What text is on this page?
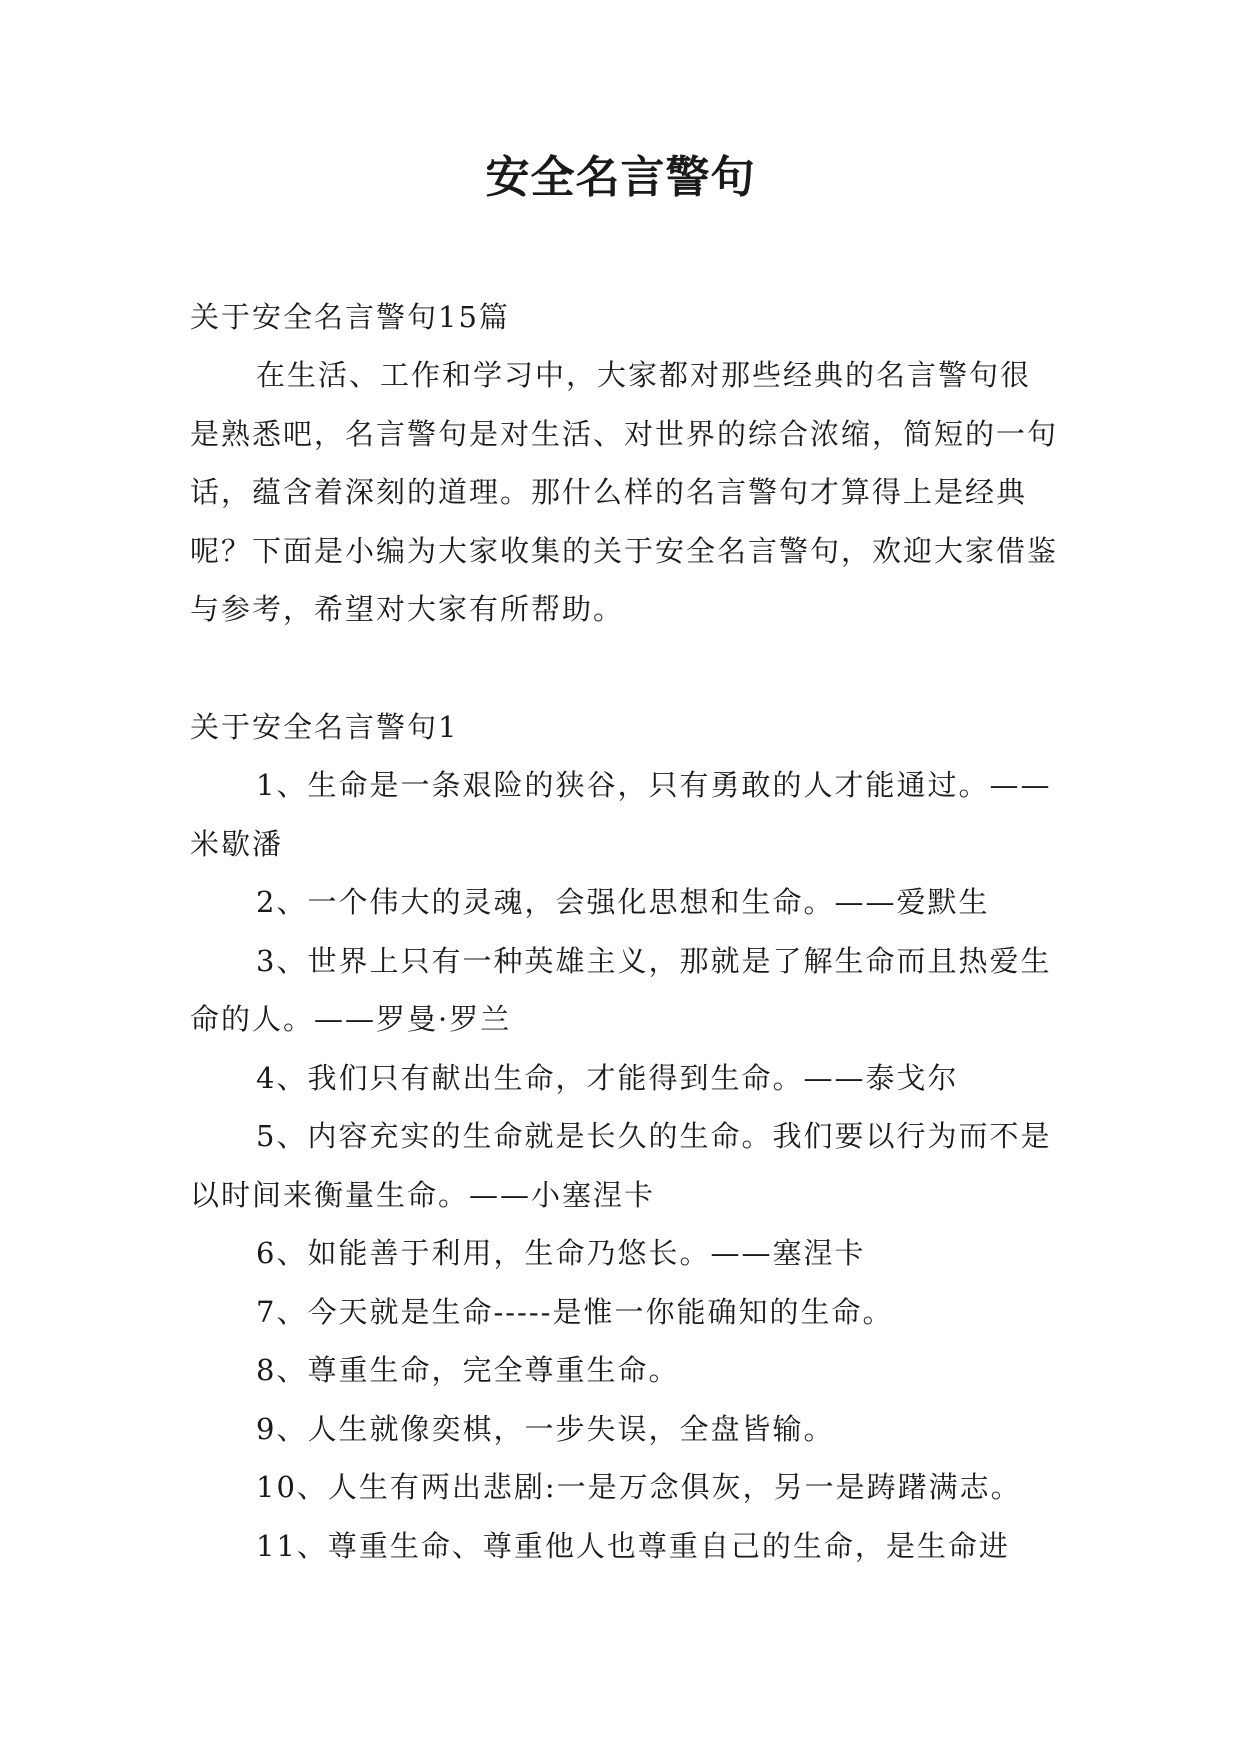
安全名言警句

关于安全名言警句15篇

在生活、工作和学习中，大家都对那些经典的名言警句很是熟悉吧，名言警句是对生活、对世界的综合浓缩，简短的一句话，蕴含着深刻的道理。那什么样的名言警句才算得上是经典呢？下面是小编为大家收集的关于安全名言警句，欢迎大家借鉴与参考，希望对大家有所帮助。

关于安全名言警句1

1、生命是一条艰险的狭谷，只有勇敢的人才能通过。——米歇潘

2、一个伟大的灵魂，会强化思想和生命。——爱默生

3、世界上只有一种英雄主义，那就是了解生命而且热爱生命的人。——罗曼·罗兰

4、我们只有献出生命，才能得到生命。——泰戈尔

5、内容充实的生命就是长久的生命。我们要以行为而不是以时间来衡量生命。——小塞涅卡

6、如能善于利用，生命乃悠长。——塞涅卡

7、今天就是生命-----是惟一你能确知的生命。

8、尊重生命，完全尊重生命。

9、人生就像奕棋，一步失误，全盘皆输。

10、人生有两出悲剧:一是万念俱灰，另一是踌躇满志。

11、尊重生命、尊重他人也尊重自己的生命，是生命进
